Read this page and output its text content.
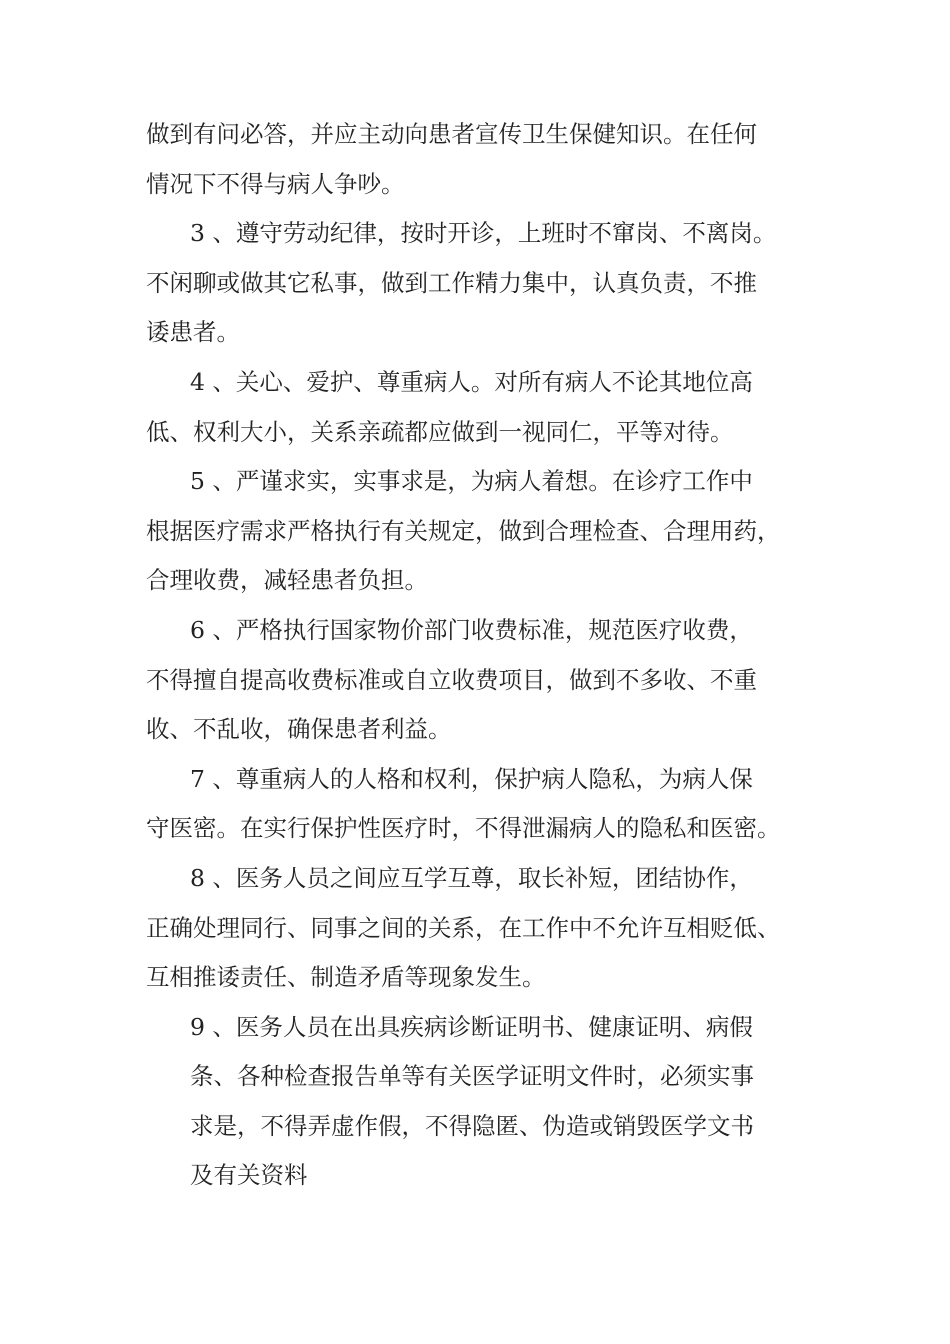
做到有问必答，并应主动向患者宣传卫生保健知识。在任何
情况下不得与病人争吵。
3 、遵守劳动纪律，按时开诊，上班时不窜岗、不离岗。
不闲聊或做其它私事，做到工作精力集中，认真负责，不推
诿患者。
4 、关心、爱护、尊重病人。对所有病人不论其地位高
低、权利大小，关系亲疏都应做到一视同仁，平等对待。
5 、严谨求实，实事求是，为病人着想。在诊疗工作中
根据医疗需求严格执行有关规定，做到合理检查、合理用药，
合理收费，减轻患者负担。
6 、严格执行国家物价部门收费标准，规范医疗收费，
不得擅自提高收费标准或自立收费项目，做到不多收、不重
收、不乱收，确保患者利益。
7 、尊重病人的人格和权利，保护病人隐私，为病人保
守医密。在实行保护性医疗时，不得泄漏病人的隐私和医密。
8 、医务人员之间应互学互尊，取长补短，团结协作，
正确处理同行、同事之间的关系，在工作中不允许互相贬低、
互相推诿责任、制造矛盾等现象发生。
9 、医务人员在出具疾病诊断证明书、健康证明、病假
条、各种检查报告单等有关医学证明文件时，必须实事
求是，不得弄虚作假，不得隐匿、伪造或销毁医学文书
及有关资料
